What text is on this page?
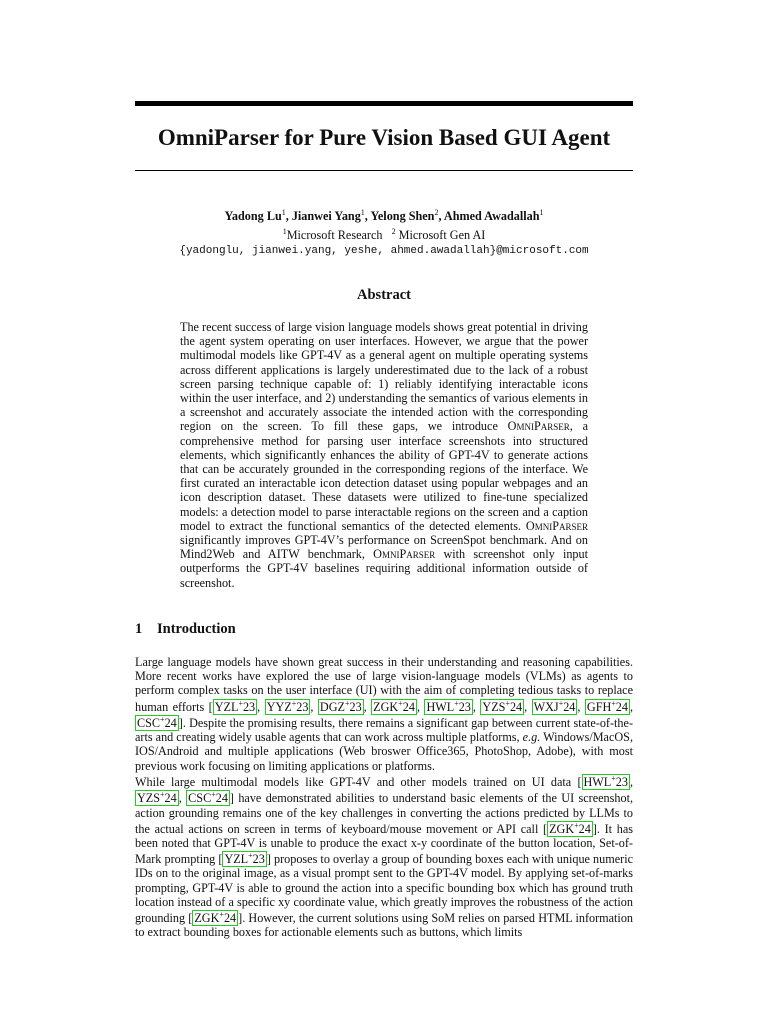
OmniParser for Pure Vision Based GUI Agent
Yadong Lu$^1$, Jianwei Yang$^1$, Yelong Shen$^2$, Ahmed Awadallah$^1$
$^1$Microsoft Research $^2$ Microsoft Gen AI
{yadonglu, jianwei.yang, yeshe, ahmed.awadallah}@microsoft.com
Abstract

The recent success of large vision language models shows great potential in driving the agent system operating on user interfaces. However, we argue that the power multimodal models like GPT-4V as a general agent on multiple operating systems across different applications is largely underestimated due to the lack of a robust screen parsing technique capable of: 1) reliably identifying interactable icons within the user interface, and 2) understanding the semantics of various elements in a screenshot and accurately associate the intended action with the corresponding region on the screen. To fill these gaps, we introduce OmniParser, a comprehensive method for parsing user interface screenshots into structured elements, which significantly enhances the ability of GPT-4V to generate actions that can be accurately grounded in the corresponding regions of the interface. We first curated an interactable icon detection dataset using popular webpages and an icon description dataset. These datasets were utilized to fine-tune specialized models: a detection model to parse interactable regions on the screen and a caption model to extract the functional semantics of the detected elements. OmniParser significantly improves GPT-4V’s performance on ScreenSpot benchmark. And on Mind2Web and AITW benchmark, OmniParser with screenshot only input outperforms the GPT-4V baselines requiring additional information outside of screenshot.

1 Introduction

Large language models have shown great success in their understanding and reasoning capabilities. More recent works have explored the use of large vision-language models (VLMs) as agents to perform complex tasks on the user interface (UI) with the aim of completing tedious tasks to replace human efforts [ YZL+23 , YYZ+23 , DGZ+23 , ZGK+24 , HWL+23 , YZS+24 , WXJ+24 , GFH+24 , CSC+24 ]. Despite the promising results, there remains a significant gap between current state-of-the-arts and creating widely usable agents that can work across multiple platforms, e.g. Windows/MacOS, IOS/Android and multiple applications (Web broswer Office365, PhotoShop, Adobe), with most previous work focusing on limiting applications or platforms.

While large multimodal models like GPT-4V and other models trained on UI data [ HWL+23 , YZS+24 , CSC+24 ] have demonstrated abilities to understand basic elements of the UI screenshot, action grounding remains one of the key challenges in converting the actions predicted by LLMs to the actual actions on screen in terms of keyboard/mouse movement or API call [ ZGK+24 ]. It has been noted that GPT-4V is unable to produce the exact x-y coordinate of the button location, Set-of-Mark prompting [ YZL+23 ] proposes to overlay a group of bounding boxes each with unique numeric IDs on to the original image, as a visual prompt sent to the GPT-4V model. By applying set-of-marks prompting, GPT-4V is able to ground the action into a specific bounding box which has ground truth location instead of a specific xy coordinate value, which greatly improves the robustness of the action grounding [ ZGK+24 ]. However, the current solutions using SoM relies on parsed HTML information to extract bounding boxes for actionable elements such as buttons, which limits
